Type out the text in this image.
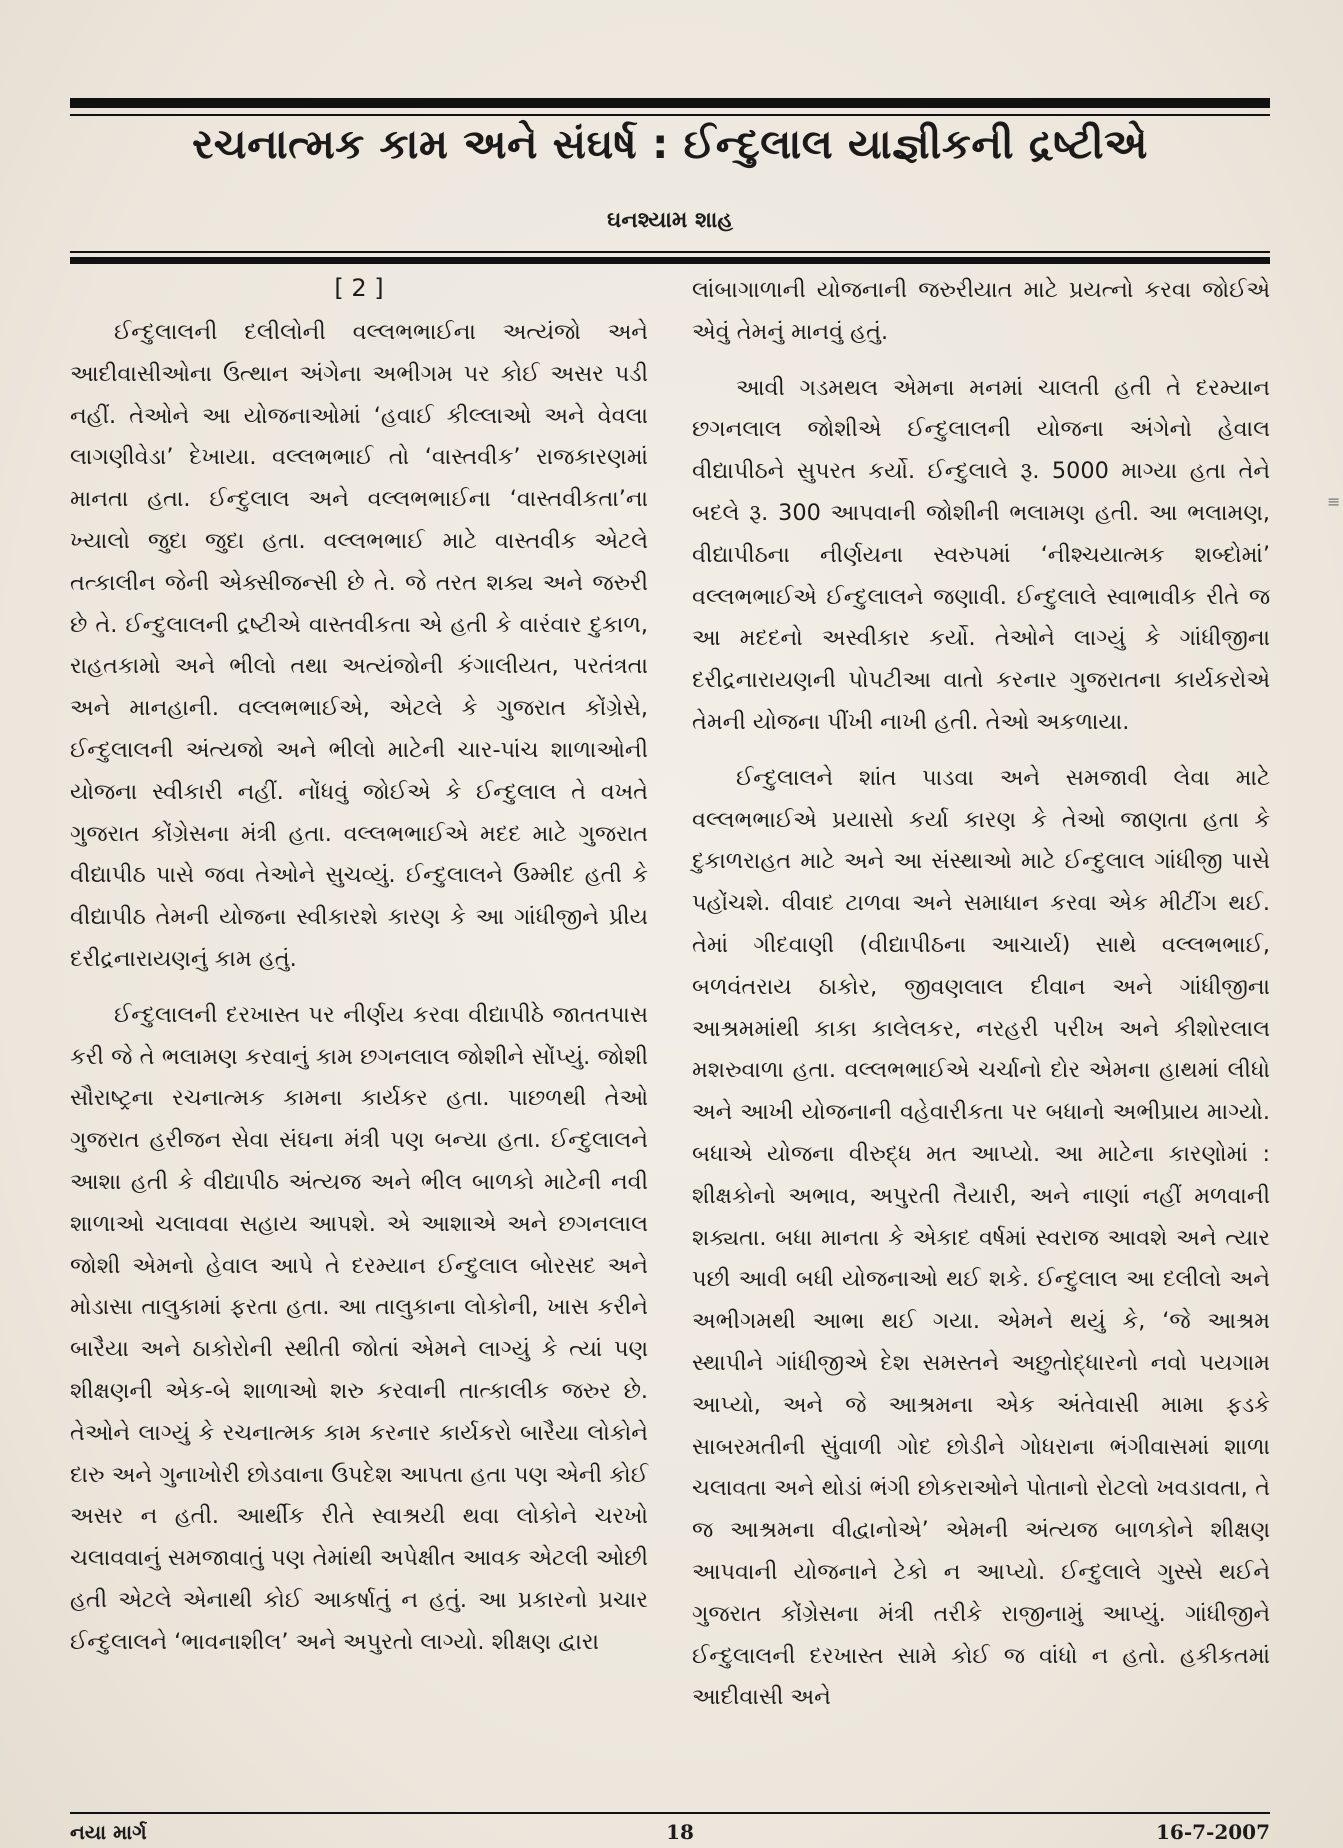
રચનાત્મક કામ અને સંઘર્ષ : ઈન્દુલાલ યાજ્ઞીકની દ્રષ્ટીએ
ઘનશ્યામ શાહ
[ 2 ]

ઈન્દુલાલની દલીલોની વલ્લભભાઈના અત્યંજો અને આદીવાસીઓના ઉત્થાન અંગેના અભીગમ પર કોઈ અસર પડી નહીં. તેઓને આ યોજનાઓમાં ‘હવાઈ કીલ્લાઓ અને વેવલા લાગણીવેડા’ દેખાયા. વલ્લભભાઈ તો ‘વાસ્તવીક’ રાજકારણમાં માનતા હતા. ઈન્દુલાલ અને વલ્લભભાઈના ‘વાસ્તવીકતા’ના ખ્યાલો જુદા જુદા હતા. વલ્લભભાઈ માટે વાસ્તવીક એટલે તત્કાલીન જેની એક્સીજન્સી છે તે. જે તરત શક્ય અને જરુરી છે તે. ઈન્દુલાલની દ્રષ્ટીએ વાસ્તવીકતા એ હતી કે વારંવાર દુકાળ, રાહતકામો અને ભીલો તથા અત્યંજોની કંગાલીયત, પરતંત્રતા અને માનહાની. વલ્લભભાઈએ, એટલે કે ગુજરાત કોંગ્રેસે, ઈન્દુલાલની અંત્યજો અને ભીલો માટેની ચાર-પાંચ શાળાઓની યોજના સ્વીકારી નહીં. નોંધવું જોઈએ કે ઈન્દુલાલ તે વખતે ગુજરાત કોંગ્રેસના મંત્રી હતા. વલ્લભભાઈએ મદદ માટે ગુજરાત વીદ્યાપીઠ પાસે જવા તેઓને સુચવ્યું. ઈન્દુલાલને ઉમ્મીદ હતી કે વીદ્યાપીઠ તેમની યોજના સ્વીકારશે કારણ કે આ ગાંધીજીને પ્રીય દરીદ્રનારાયણનું કામ હતું.

ઈન્દુલાલની દરખાસ્ત પર નીર્ણય કરવા વીદ્યાપીઠે જાતતપાસ કરી જે તે ભલામણ કરવાનું કામ છગનલાલ જોશીને સોંપ્યું. જોશી સૌરાષ્ટ્રના રચનાત્મક કામના કાર્યકર હતા. પાછળથી તેઓ ગુજરાત હરીજન સેવા સંઘના મંત્રી પણ બન્યા હતા. ઈન્દુલાલને આશા હતી કે વીદ્યાપીઠ અંત્યજ અને ભીલ બાળકો માટેની નવી શાળાઓ ચલાવવા સહાય આપશે. એ આશાએ અને છગનલાલ જોશી એમનો હેવાલ આપે તે દરમ્યાન ઈન્દુલાલ બોરસદ અને મોડાસા તાલુકામાં ફરતા હતા. આ તાલુકાના લોકોની, ખાસ કરીને બારૈયા અને ઠાકોરોની સ્થીતી જોતાં એમને લાગ્યું કે ત્યાં પણ શીક્ષણની એક-બે શાળાઓ શરુ કરવાની તાત્કાલીક જરુર છે. તેઓને લાગ્યું કે રચનાત્મક કામ કરનાર કાર્યકરો બારૈયા લોકોને દારુ અને ગુનાખોરી છોડવાના ઉપદેશ આપતા હતા પણ એની કોઈ અસર ન હતી. આર્થીક રીતે સ્વાશ્રયી થવા લોકોને ચરખો ચલાવવાનું સમજાવાતું પણ તેમાંથી અપેક્ષીત આવક એટલી ઓછી હતી એટલે એનાથી કોઈ આકર્ષાતું ન હતું. આ પ્રકારનો પ્રચાર ઈન્દુલાલને ‘ભાવનાશીલ’ અને અપુરતો લાગ્યો. શીક્ષણ દ્વારા

લાંબાગાળાની યોજનાની જરુરીયાત માટે પ્રયત્નો કરવા જોઈએ એવું તેમનું માનવું હતું.

આવી ગડમથલ એમના મનમાં ચાલતી હતી તે દરમ્યાન છગનલાલ જોશીએ ઈન્દુલાલની યોજના અંગેનો હેવાલ વીદ્યાપીઠને સુપરત કર્યો. ઈન્દુલાલે રૂ. 5000 માગ્યા હતા તેને બદલે રૂ. 300 આપવાની જોશીની ભલામણ હતી. આ ભલામણ, વીદ્યાપીઠના નીર્ણયના સ્વરુપમાં ‘નીશ્ચયાત્મક શબ્દોમાં’ વલ્લભભાઈએ ઈન્દુલાલને જણાવી. ઈન્દુલાલે સ્વાભાવીક રીતે જ આ મદદનો અસ્વીકાર કર્યો. તેઓને લાગ્યું કે ગાંધીજીના દરીદ્રનારાયણની પોપટીઆ વાતો કરનાર ગુજરાતના કાર્યકરોએ તેમની યોજના પીંખી નાખી હતી. તેઓ અકળાયા.

ઈન્દુલાલને શાંત પાડવા અને સમજાવી લેવા માટે વલ્લભભાઈએ પ્રયાસો કર્યા કારણ કે તેઓ જાણતા હતા કે દુકાળરાહત માટે અને આ સંસ્થાઓ માટે ઈન્દુલાલ ગાંધીજી પાસે પહોંચશે. વીવાદ ટાળવા અને સમાધાન કરવા એક મીટીંગ થઈ. તેમાં ગીદવાણી (વીદ્યાપીઠના આચાર્ય) સાથે વલ્લભભાઈ, બળવંતરાય ઠાકોર, જીવણલાલ દીવાન અને ગાંધીજીના આશ્રમમાંથી કાકા કાલેલકર, નરહરી પરીખ અને કીશોરલાલ મશરુવાળા હતા. વલ્લભભાઈએ ચર્ચાનો દોર એમના હાથમાં લીધો અને આખી યોજનાની વહેવારીકતા પર બધાનો અભીપ્રાય માગ્યો. બધાએ યોજના વીરુદ્ધ મત આપ્યો. આ માટેના કારણોમાં : શીક્ષકોનો અભાવ, અપુરતી તૈયારી, અને નાણાં નહીં મળવાની શક્યતા. બધા માનતા કે એકાદ વર્ષમાં સ્વરાજ આવશે અને ત્યાર પછી આવી બધી યોજનાઓ થઈ શકે. ઈન્દુલાલ આ દલીલો અને અભીગમથી આભા થઈ ગયા. એમને થયું કે, ‘જે આશ્રમ સ્થાપીને ગાંધીજીએ દેશ સમસ્તને અછુતોદ્ધારનો નવો પયગામ આપ્યો, અને જે આશ્રમના એક અંતેવાસી મામા ફડકે સાબરમતીની સુંવાળી ગોદ છોડીને ગોધરાના ભંગીવાસમાં શાળા ચલાવતા અને થોડાં ભંગી છોકરાઓને પોતાનો રોટલો ખવડાવતા, તે જ આશ્રમના વીદ્વાનોએ’ એમની અંત્યજ બાળકોને શીક્ષણ આપવાની યોજનાને ટેકો ન આપ્યો. ઈન્દુલાલે ગુસ્સે થઈને ગુજરાત કોંગ્રેસના મંત્રી તરીકે રાજીનામું આપ્યું. ગાંધીજીને ઈન્દુલાલની દરખાસ્ત સામે કોઈ જ વાંધો ન હતો. હકીકતમાં આદીવાસી અને

નયા માર્ગ	18	16-7-2007
≡
